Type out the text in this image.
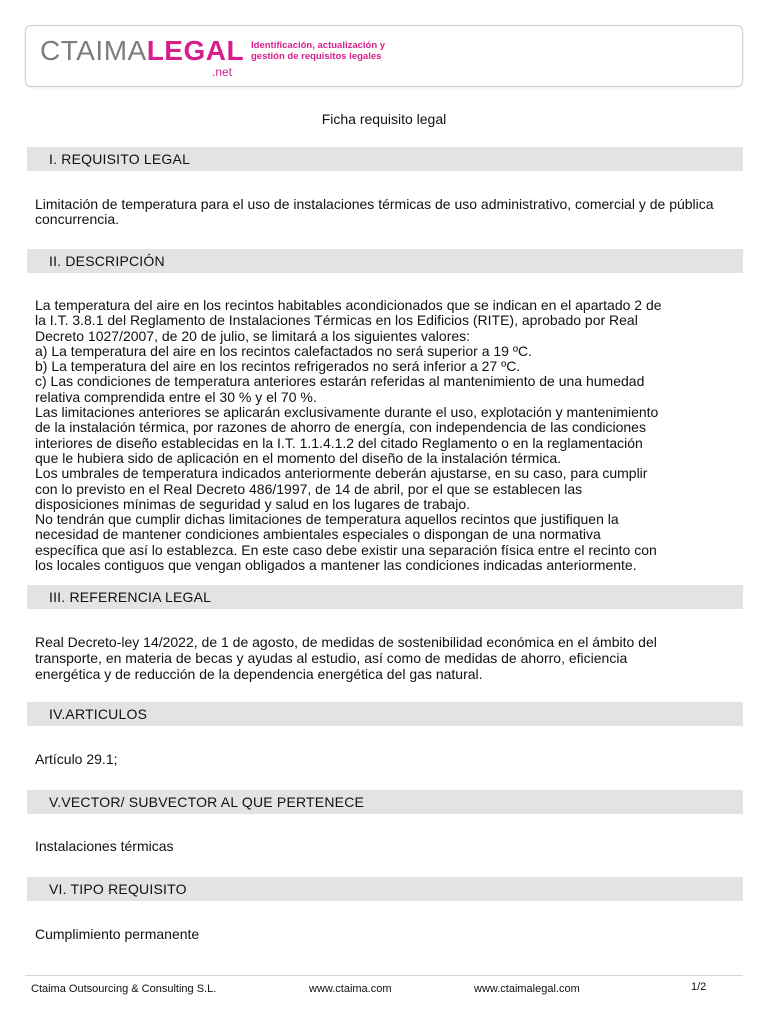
CTAIMALEGAL
.net
Identificación, actualización y
gestión de requisitos legales
Ficha requisito legal
I. REQUISITO LEGAL
Limitación de temperatura para el uso de instalaciones térmicas de uso administrativo, comercial y de pública concurrencia.
II. DESCRIPCIÓN

La temperatura del aire en los recintos habitables acondicionados que se indican en el apartado 2 de

la I.T. 3.8.1 del Reglamento de Instalaciones Térmicas en los Edificios (RITE), aprobado por Real

Decreto 1027/2007, de 20 de julio, se limitará a los siguientes valores:

a) La temperatura del aire en los recintos calefactados no será superior a 19 ºC.

b) La temperatura del aire en los recintos refrigerados no será inferior a 27 ºC.

c) Las condiciones de temperatura anteriores estarán referidas al mantenimiento de una humedad

relativa comprendida entre el 30 % y el 70 %.

Las limitaciones anteriores se aplicarán exclusivamente durante el uso, explotación y mantenimiento

de la instalación térmica, por razones de ahorro de energía, con independencia de las condiciones

interiores de diseño establecidas en la I.T. 1.1.4.1.2 del citado Reglamento o en la reglamentación

que le hubiera sido de aplicación en el momento del diseño de la instalación térmica.

Los umbrales de temperatura indicados anteriormente deberán ajustarse, en su caso, para cumplir

con lo previsto en el Real Decreto 486/1997, de 14 de abril, por el que se establecen las

disposiciones mínimas de seguridad y salud en los lugares de trabajo.

No tendrán que cumplir dichas limitaciones de temperatura aquellos recintos que justifiquen la

necesidad de mantener condiciones ambientales especiales o dispongan de una normativa

específica que así lo establezca. En este caso debe existir una separación física entre el recinto con

los locales contiguos que vengan obligados a mantener las condiciones indicadas anteriormente.

III. REFERENCIA LEGAL

Real Decreto-ley 14/2022, de 1 de agosto, de medidas de sostenibilidad económica en el ámbito del

transporte, en materia de becas y ayudas al estudio, así como de medidas de ahorro, eficiencia

energética y de reducción de la dependencia energética del gas natural.

IV.ARTICULOS
Artículo 29.1;
V.VECTOR/ SUBVECTOR AL QUE PERTENECE
Instalaciones térmicas
VI. TIPO REQUISITO
Cumplimiento permanente
Ctaima Outsourcing & Consulting S.L.	www.ctaima.com	www.ctaimalegal.com	1/2
